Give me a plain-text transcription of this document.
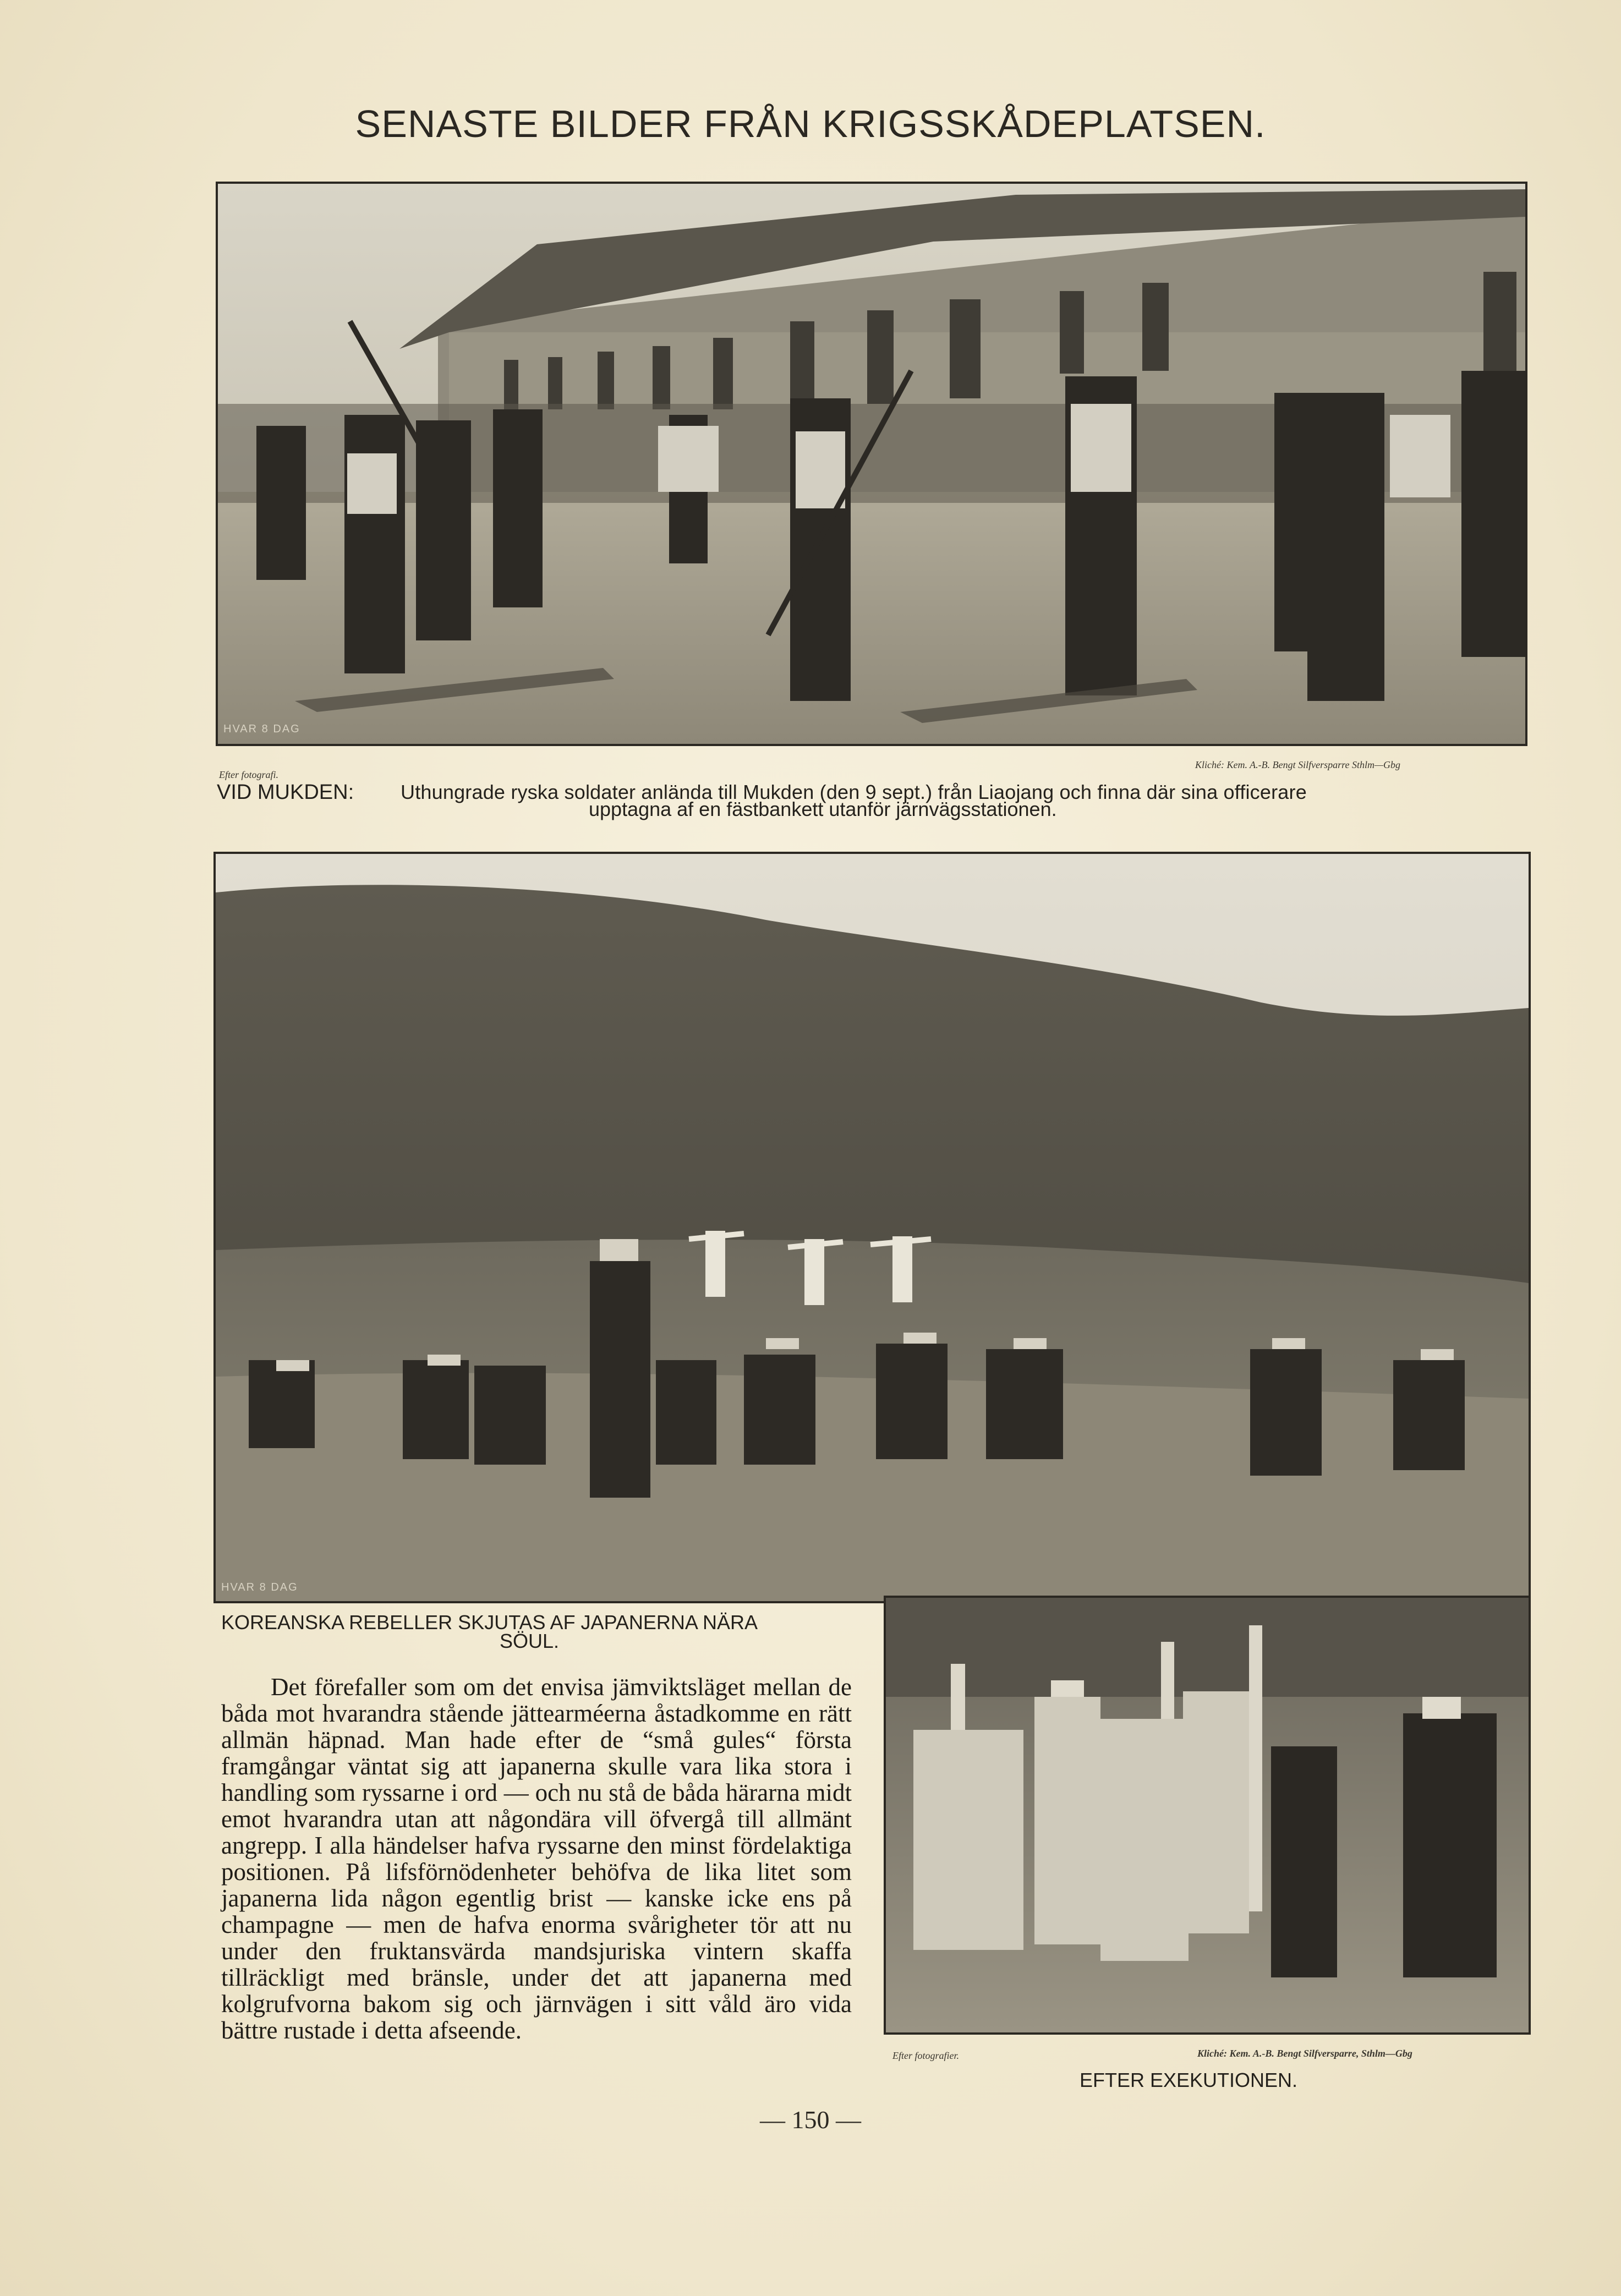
SENASTE BILDER FRÅN KRIGSSKÅDEPLATSEN.
HVAR 8 DAG
Efter fotografi.
Kliché: Kem. A.-B. Bengt Silfversparre Sthlm—Gbg
VID MUKDEN: Uthungrade ryska soldater anlända till Mukden (den 9 sept.) från Liaojang och finna där sina officerare
upptagna af en fästbankett utanför järnvägsstationen.
HVAR 8 DAG
KOREANSKA REBELLER SKJUTAS AF JAPANERNA NÄRA
SÖUL.
Efter fotografier.	Kliché: Kem. A.-B. Bengt Silfversparre, Sthlm—Gbg
EFTER EXEKUTIONEN.

Det förefaller som om det envisa jämviktsläget mellan de båda mot hvarandra stående jättearméerna åstadkomme en rätt allmän häpnad. Man hade efter de “små gules“ första framgångar väntat sig att japanerna skulle vara lika stora i handling som ryssarne i ord — och nu stå de båda härarna midt emot hvarandra utan att någondära vill öfvergå till allmänt angrepp. I alla händelser hafva ryssarne den minst fördelaktiga positionen. På lifsförnödenheter behöfva de lika litet som japanerna lida någon egentlig brist — kanske icke ens på champagne — men de hafva enorma svårigheter tör att nu under den fruktansvärda mandsjuriska vintern skaffa tillräckligt med bränsle, under det att japanerna med kolgrufvorna bakom sig och järnvägen i sitt våld äro vida bättre rustade i detta afseende.

— 150 —
